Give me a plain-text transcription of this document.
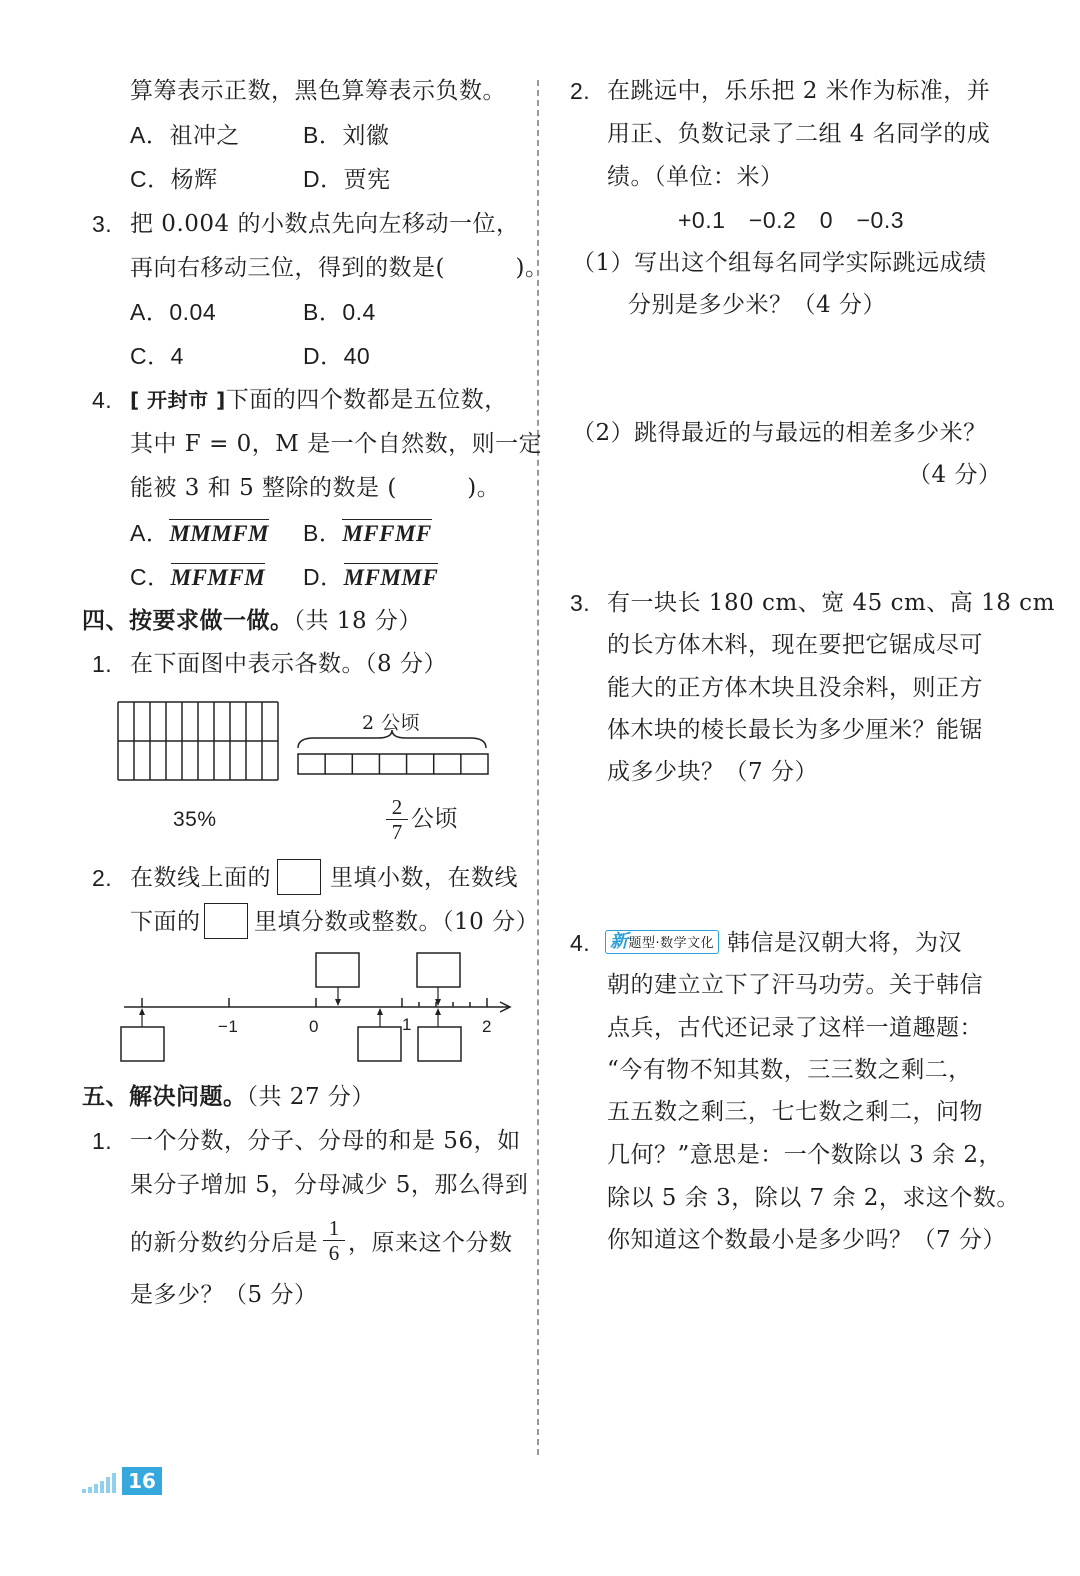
算筹表示正数，黑色算筹表示负数。
A．祖冲之	B．刘徽
C．杨辉	D．贾宪
3. 把 0.004 的小数点先向左移动一位，
再向右移动三位，得到的数是(　　　)。
A．0.04	B．0.4
C．4	D．40
4. [ 开封市 ]下面的四个数都是五位数，
其中 F = 0，M 是一个自然数，则一定
能被 3 和 5 整除的数是 (　　　)。
A．MMMFM B．MFFMF
C．MFMFM D．MFMMF
四、按要求做一做。（共 18 分）
1. 在下面图中表示各数。（8 分）
35%
2 公顷
2
7 公顷
2. 在数线上面的	里填小数，在数线
下面的 里填分数或整数。（10 分）
−1	0	1	2
五、解决问题。（共 27 分）
1. 一个分数，分子、分母的和是 56，如
果分子增加 5，分母减少 5，那么得到
的新分数约分后是
1
6 ，原来这个分数
是多少？（5 分）
2. 在跳远中，乐乐把 2 米作为标准，并
用正、负数记录了二组 4 名同学的成
绩。（单位：米）
+0.1　−0.2　0　−0.3
（1）写出这个组每名同学实际跳远成绩
分别是多少米？（4 分）
（2）跳得最近的与最远的相差多少米？
（4 分）
3. 有一块长 180 cm、宽 45 cm、高 18 cm
的长方体木料，现在要把它锯成尽可
能大的正方体木块且没余料，则正方
体木块的棱长最长为多少厘米？能锯
成多少块？（7 分）
4. 新题型·数学文化 韩信是汉朝大将，为汉
朝的建立立下了汗马功劳。关于韩信
点兵，古代还记录了这样一道趣题：
“今有物不知其数，三三数之剩二，
五五数之剩三，七七数之剩二，问物
几何？”意思是：一个数除以 3 余 2，
除以 5 余 3，除以 7 余 2，求这个数。
你知道这个数最小是多少吗？（7 分）
16
